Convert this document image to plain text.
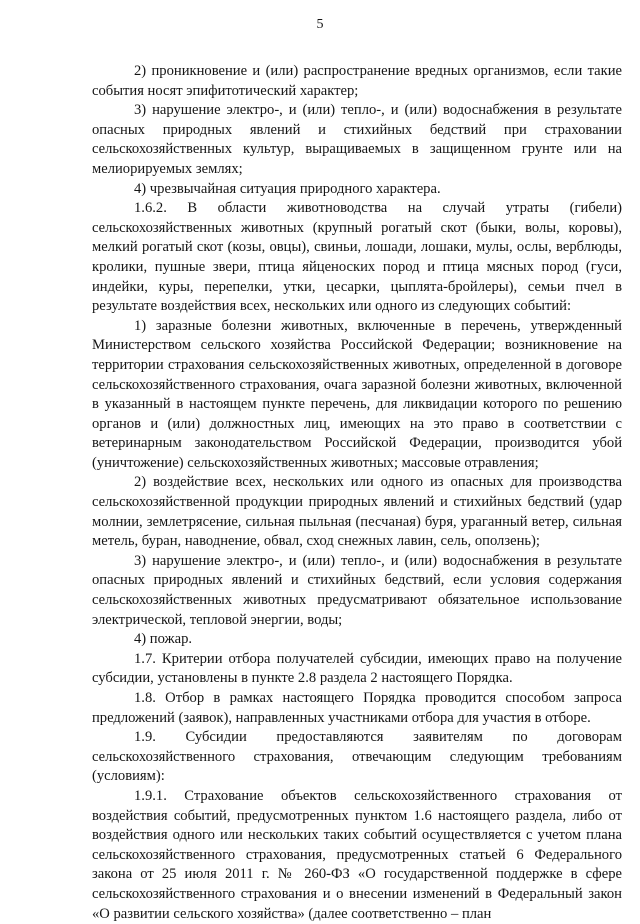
5

2) проникновение и (или) распространение вредных организмов, если такие события носят эпифитотический характер;

3) нарушение электро-, и (или) тепло-, и (или) водоснабжения в результате опасных природных явлений и стихийных бедствий при страховании сельскохозяйственных культур, выращиваемых в защищенном грунте или на мелиорируемых землях;

4) чрезвычайная ситуация природного характера.

1.6.2. В области животноводства на случай утраты (гибели) сельскохозяйственных животных (крупный рогатый скот (быки, волы, коровы), мелкий рогатый скот (козы, овцы), свиньи, лошади, лошаки, мулы, ослы, верблюды, кролики, пушные звери, птица яйценоских пород и птица мясных пород (гуси, индейки, куры, перепелки, утки, цесарки, цыплята-бройлеры), семьи пчел в результате воздействия всех, нескольких или одного из следующих событий:

1) заразные болезни животных, включенные в перечень, утвержденный Министерством сельского хозяйства Российской Федерации; возникновение на территории страхования сельскохозяйственных животных, определенной в договоре сельскохозяйственного страхования, очага заразной болезни животных, включенной в указанный в настоящем пункте перечень, для ликвидации которого по решению органов и (или) должностных лиц, имеющих на это право в соответствии с ветеринарным законодательством Российской Федерации, производится убой (уничтожение) сельскохозяйственных животных; массовые отравления;

2) воздействие всех, нескольких или одного из опасных для производства сельскохозяйственной продукции природных явлений и стихийных бедствий (удар молнии, землетрясение, сильная пыльная (песчаная) буря, ураганный ветер, сильная метель, буран, наводнение, обвал, сход снежных лавин, сель, оползень);

3) нарушение электро-, и (или) тепло-, и (или) водоснабжения в результате опасных природных явлений и стихийных бедствий, если условия содержания сельскохозяйственных животных предусматривают обязательное использование электрической, тепловой энергии, воды;

4) пожар.

1.7. Критерии отбора получателей субсидии, имеющих право на получение субсидии, установлены в пункте 2.8 раздела 2 настоящего Порядка.

1.8. Отбор в рамках настоящего Порядка проводится способом запроса предложений (заявок), направленных участниками отбора для участия в отборе.

1.9. Субсидии предоставляются заявителям по договорам сельскохозяйственного страхования, отвечающим следующим требованиям (условиям):

1.9.1. Страхование объектов сельскохозяйственного страхования от воздействия событий, предусмотренных пунктом 1.6 настоящего раздела, либо от воздействия одного или нескольких таких событий осуществляется с учетом плана сельскохозяйственного страхования, предусмотренных статьей 6 Федерального закона от 25 июля 2011 г. № 260-ФЗ «О государственной поддержке в сфере сельскохозяйственного страхования и о внесении изменений в Федеральный закон «О развитии сельского хозяйства» (далее соответственно – план
